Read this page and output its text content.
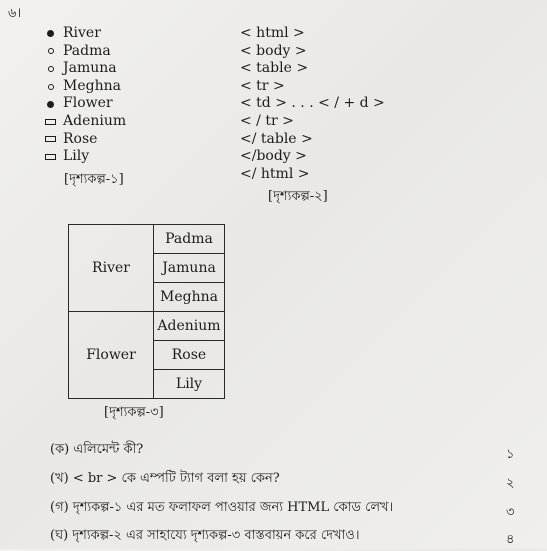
৬।
River
Padma
Jamuna
Meghna
Flower
Adenium
Rose
Lily
[দৃশ্যকল্প-১]
< html >
< body >
< table >
< tr >
< td > . . . < / + d >
< / tr >
</ table >
</body >
</ html >
[দৃশ্যকল্প-২]
River	Padma
	Jamuna
	Meghna
Flower	Adenium
	Rose
	Lily
[দৃশ্যকল্প-৩]
(ক) এলিমেন্ট কী?	১
(খ) < br > কে এম্পটি ট্যাগ বলা হয় কেন?	২
(গ) দৃশ্যকল্প-১ এর মত ফলাফল পাওয়ার জন্য HTML কোড লেখ।	৩
(ঘ) দৃশ্যকল্প-২ এর সাহায্যে দৃশ্যকল্প-৩ বাস্তবায়ন করে দেখাও।	৪
